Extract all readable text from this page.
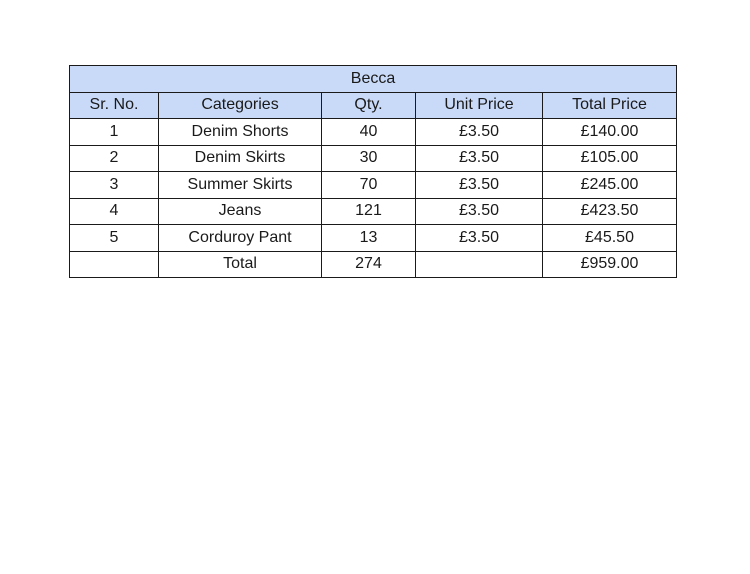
Becca				
Sr. No.	Categories	Qty.	Unit Price	Total Price
1	Denim Shorts	40	£3.50	£140.00
2	Denim Skirts	30	£3.50	£105.00
3	Summer Skirts	70	£3.50	£245.00
4	Jeans	121	£3.50	£423.50
5	Corduroy Pant	13	£3.50	£45.50
	Total	274		£959.00
